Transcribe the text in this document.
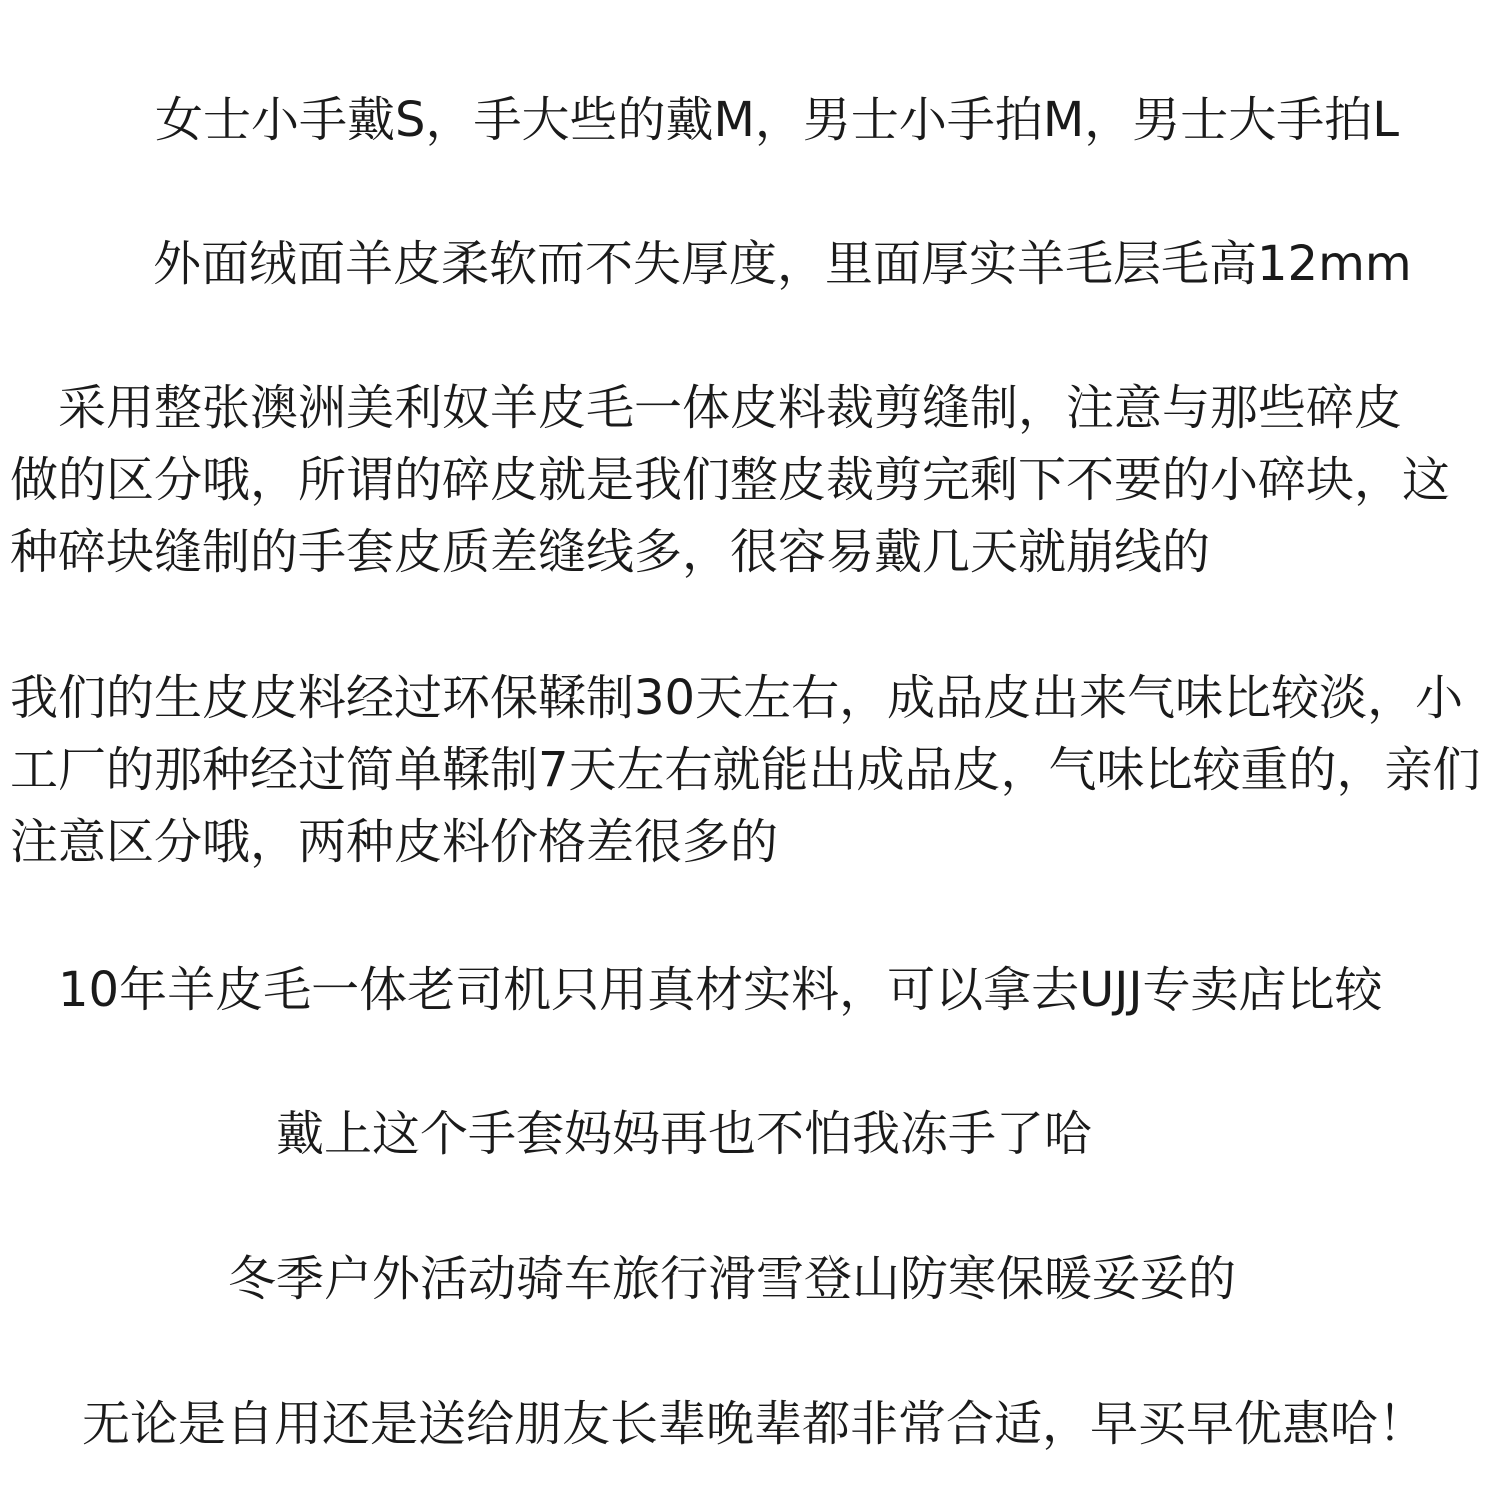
女士小手戴S，手大些的戴M，男士小手拍M，男士大手拍L
外面绒面羊皮柔软而不失厚度，里面厚实羊毛层毛高12mm
采用整张澳洲美利奴羊皮毛一体皮料裁剪缝制，注意与那些碎皮
做的区分哦，所谓的碎皮就是我们整皮裁剪完剩下不要的小碎块，这
种碎块缝制的手套皮质差缝线多，很容易戴几天就崩线的
我们的生皮皮料经过环保鞣制30天左右，成品皮出来气味比较淡，小
工厂的那种经过简单鞣制7天左右就能出成品皮，气味比较重的，亲们
注意区分哦，两种皮料价格差很多的
10年羊皮毛一体老司机只用真材实料，可以拿去UJJ专卖店比较
戴上这个手套妈妈再也不怕我冻手了哈
冬季户外活动骑车旅行滑雪登山防寒保暖妥妥的
无论是自用还是送给朋友长辈晚辈都非常合适，早买早优惠哈！
